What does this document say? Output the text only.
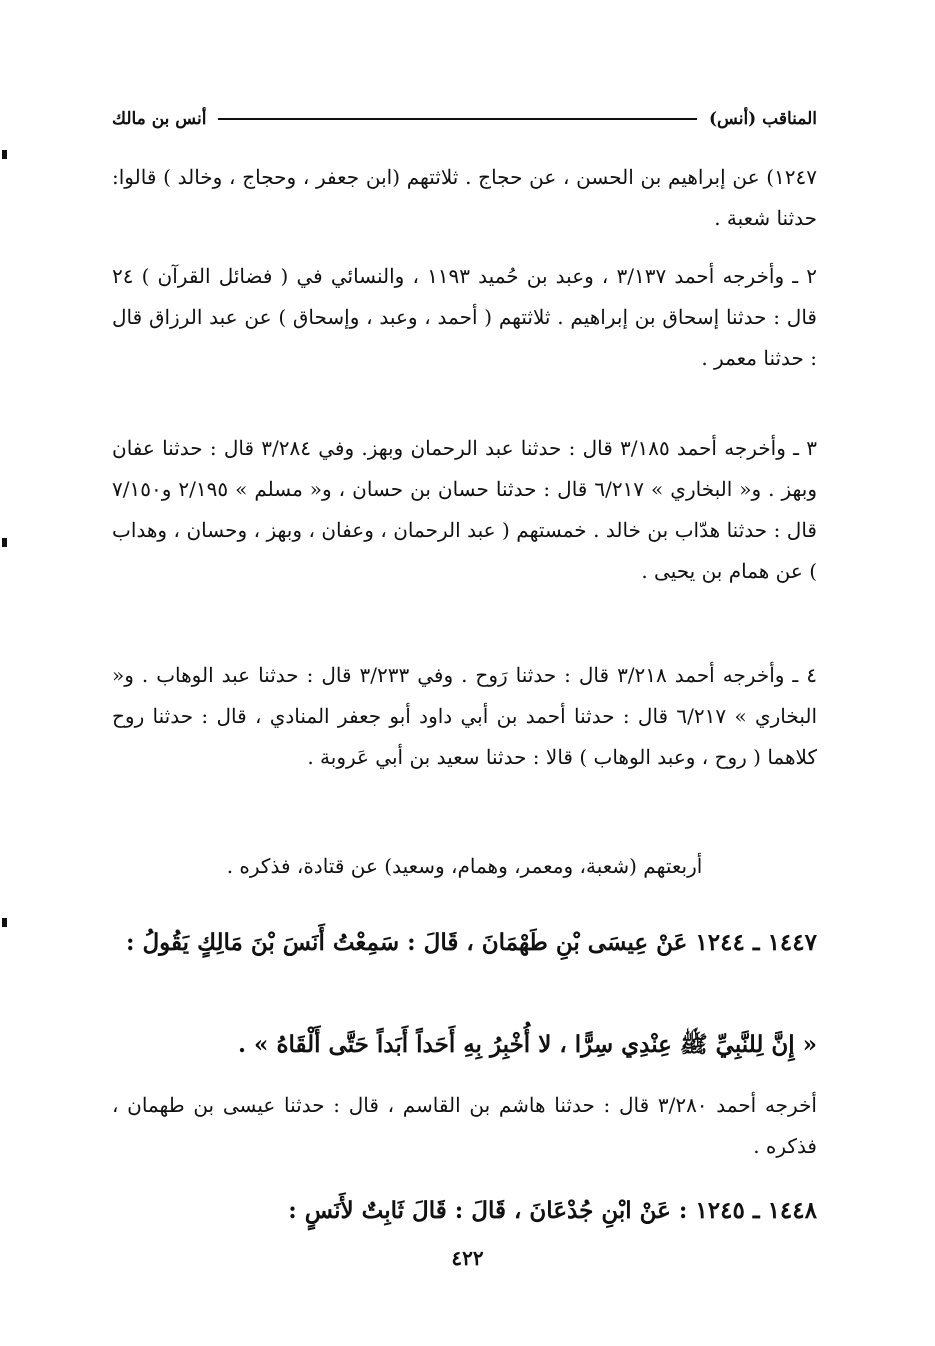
المناقب (أنس)
أنس بن مالك
١٢٤٧) عن إبراهيم بن الحسن ، عن حجاج . ثلاثتهم (ابن جعفر ، وحجاج ، وخالد ) قالوا: حدثنا شعبة .
٢ ـ وأخرجه أحمد ٣/١٣٧ ، وعبد بن حُميد ١١٩٣ ، والنسائي في ( فضائل القرآن ) ٢٤ قال : حدثنا إسحاق بن إبراهيم . ثلاثتهم ( أحمد ، وعبد ، وإسحاق ) عن عبد الرزاق قال : حدثنا معمر .
٣ ـ وأخرجه أحمد ٣/١٨٥ قال : حدثنا عبد الرحمان وبهز. وفي ٣/٢٨٤ قال : حدثنا عفان وبهز . و« البخاري » ٦/٢١٧ قال : حدثنا حسان بن حسان ، و« مسلم » ٢/١٩٥ و٧/١٥٠ قال : حدثنا هدّاب بن خالد . خمستهم ( عبد الرحمان ، وعفان ، وبهز ، وحسان ، وهداب ) عن همام بن يحيى .
٤ ـ وأخرجه أحمد ٣/٢١٨ قال : حدثنا رَوح . وفي ٣/٢٣٣ قال : حدثنا عبد الوهاب . و« البخاري » ٦/٢١٧ قال : حدثنا أحمد بن أبي داود أبو جعفر المنادي ، قال : حدثنا روح كلاهما ( روح ، وعبد الوهاب ) قالا : حدثنا سعيد بن أبي عَروبة .
أربعتهم (شعبة، ومعمر، وهمام، وسعيد) عن قتادة، فذكره .
١٤٤٧ ـ ١٢٤٤ عَنْ عِيسَى بْنِ طَهْمَانَ ، قَالَ : سَمِعْتُ أَنَسَ بْنَ مَالِكٍ يَقُولُ :
« إِنَّ لِلنَّبِيِّ ﷺ عِنْدِي سِرًّا ، لا أُخْبِرُ بِهِ أَحَداً أَبَداً حَتَّى أَلْقَاهُ » .
أخرجه أحمد ٣/٢٨٠ قال : حدثنا هاشم بن القاسم ، قال : حدثنا عيسى بن طهمان ، فذكره .
١٤٤٨ ـ ١٢٤٥ : عَنْ ابْنِ جُدْعَانَ ، قَالَ : قَالَ ثَابِتٌ لأَنَسٍ :
٤٢٢
